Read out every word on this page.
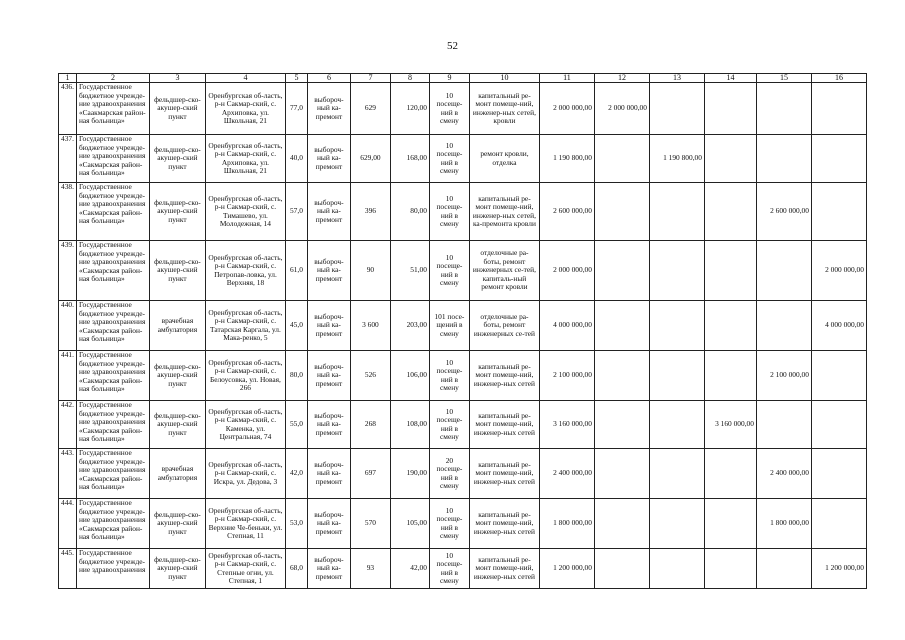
52
1	2	3	4	5	6	7	8	9	10	11	12	13	14	15	16
436.	Государственное бюджетное учрежде-ние здравоохранения «Саакмарская район-ная больница»	фельдшер-ско-акушер-ский пункт	Оренбургская об-ласть, р-н Сакмар-ский, с. Архиповка, ул. Школьная, 21	77,0	выбороч-ный ка-премонт	629	120,00	10 посеще-ний в смену	капитальный ре-монт помеще-ний, инженер-ных сетей, кровли	2 000 000,00	2 000 000,00				
437.	Государственное бюджетное учрежде-ние здравоохранения «Сакмарская район-ная больница»	фельдшер-ско-акушер-ский пункт	Оренбургская об-ласть, р-н Сакмар-ский, с. Архиповка, ул. Школьная, 21	40,0	выбороч-ный ка-премонт	629,00	168,00	10 посеще-ний в смену	ремонт кровли, отделка	1 190 800,00		1 190 800,00			
438.	Государственное бюджетное учрежде-ние здравоохранения «Сакмарская район-ная больница»	фельдшер-ско-акушер-ский пункт	Оренбургская об-ласть, р-н Сакмар-ский, с. Тимашево, ул. Молодежная, 14	57,0	выбороч-ный ка-премонт	396	80,00	10 посеще-ний в смену	капитальный ре-монт помеще-ний, инженер-ных сетей, ка-премонта кровли	2 600 000,00				2 600 000,00	
439.	Государственное бюджетное учрежде-ние здравоохранения «Сакмарская район-ная больница»	фельдшер-ско-акушер-ский пункт	Оренбургская об-ласть, р-н Сакмар-ский, с. Петропав-ловка, ул. Верхняя, 18	61,0	выбороч-ный ка-премонт	90	51,00	10 посеще-ний в смену	отделочные ра-боты, ремонт инженерных се-тей, капиталь-ный ремонт кровли	2 000 000,00					2 000 000,00
440.	Государственное бюджетное учрежде-ние здравоохранения «Сакмарская район-ная больница»	врачебная амбулатория	Оренбургская об-ласть, р-н Сакмар-ский, с. Татарская Каргала, ул. Мака-ренко, 5	45,0	выбороч-ный ка-премонт	3 600	203,00	101 посе-щений в смену	отделочные ра-боты, ремонт инженерных се-тей	4 000 000,00					4 000 000,00
441.	Государственное бюджетное учрежде-ние здравоохранения «Сакмарская район-ная больница»	фельдшер-ско-акушер-ский пункт	Оренбургская об-ласть, р-н Сакмар-ский, с. Белоусовка, ул. Новая, 266	80,0	выбороч-ный ка-премонт	526	106,00	10 посеще-ний в смену	капитальный ре-монт помеще-ний, инженер-ных сетей	2 100 000,00				2 100 000,00	
442.	Государственное бюджетное учрежде-ние здравоохранения «Сакмарская район-ная больница»	фельдшер-ско-акушер-ский пункт	Оренбургская об-ласть, р-н Сакмар-ский, с. Каменка, ул. Центральная, 74	55,0	выбороч-ный ка-премонт	268	108,00	10 посеще-ний в смену	капитальный ре-монт помеще-ний, инженер-ных сетей	3 160 000,00			3 160 000,00		
443.	Государственное бюджетное учрежде-ние здравоохранения «Сакмарская район-ная больница»	врачебная амбулатория	Оренбургская об-ласть, р-н Сакмар-ский, с. Искра, ул. Дедова, 3	42,0	выбороч-ный ка-премонт	697	190,00	20 посеще-ний в смену	капитальный ре-монт помеще-ний, инженер-ных сетей	2 400 000,00				2 400 000,00	
444.	Государственное бюджетное учрежде-ние здравоохранения «Сакмарская район-ная больница»	фельдшер-ско-акушер-ский пункт	Оренбургская об-ласть, р-н Сакмар-ский, с. Верхние Че-беньки, ул. Степная, 11	53,0	выбороч-ный ка-премонт	570	105,00	10 посеще-ний в смену	капитальный ре-монт помеще-ний, инженер-ных сетей	1 800 000,00				1 800 000,00	
445.	Государственное бюджетное учрежде-ние здравоохранения	фельдшер-ско-акушер-ский пункт	Оренбургская об-ласть, р-н Сакмар-ский, с. Степные огни, ул. Степная, 1	68,0	выбороч-ный ка-премонт	93	42,00	10 посеще-ний в смену	капитальный ре-монт помеще-ний, инженер-ных сетей	1 200 000,00					1 200 000,00
